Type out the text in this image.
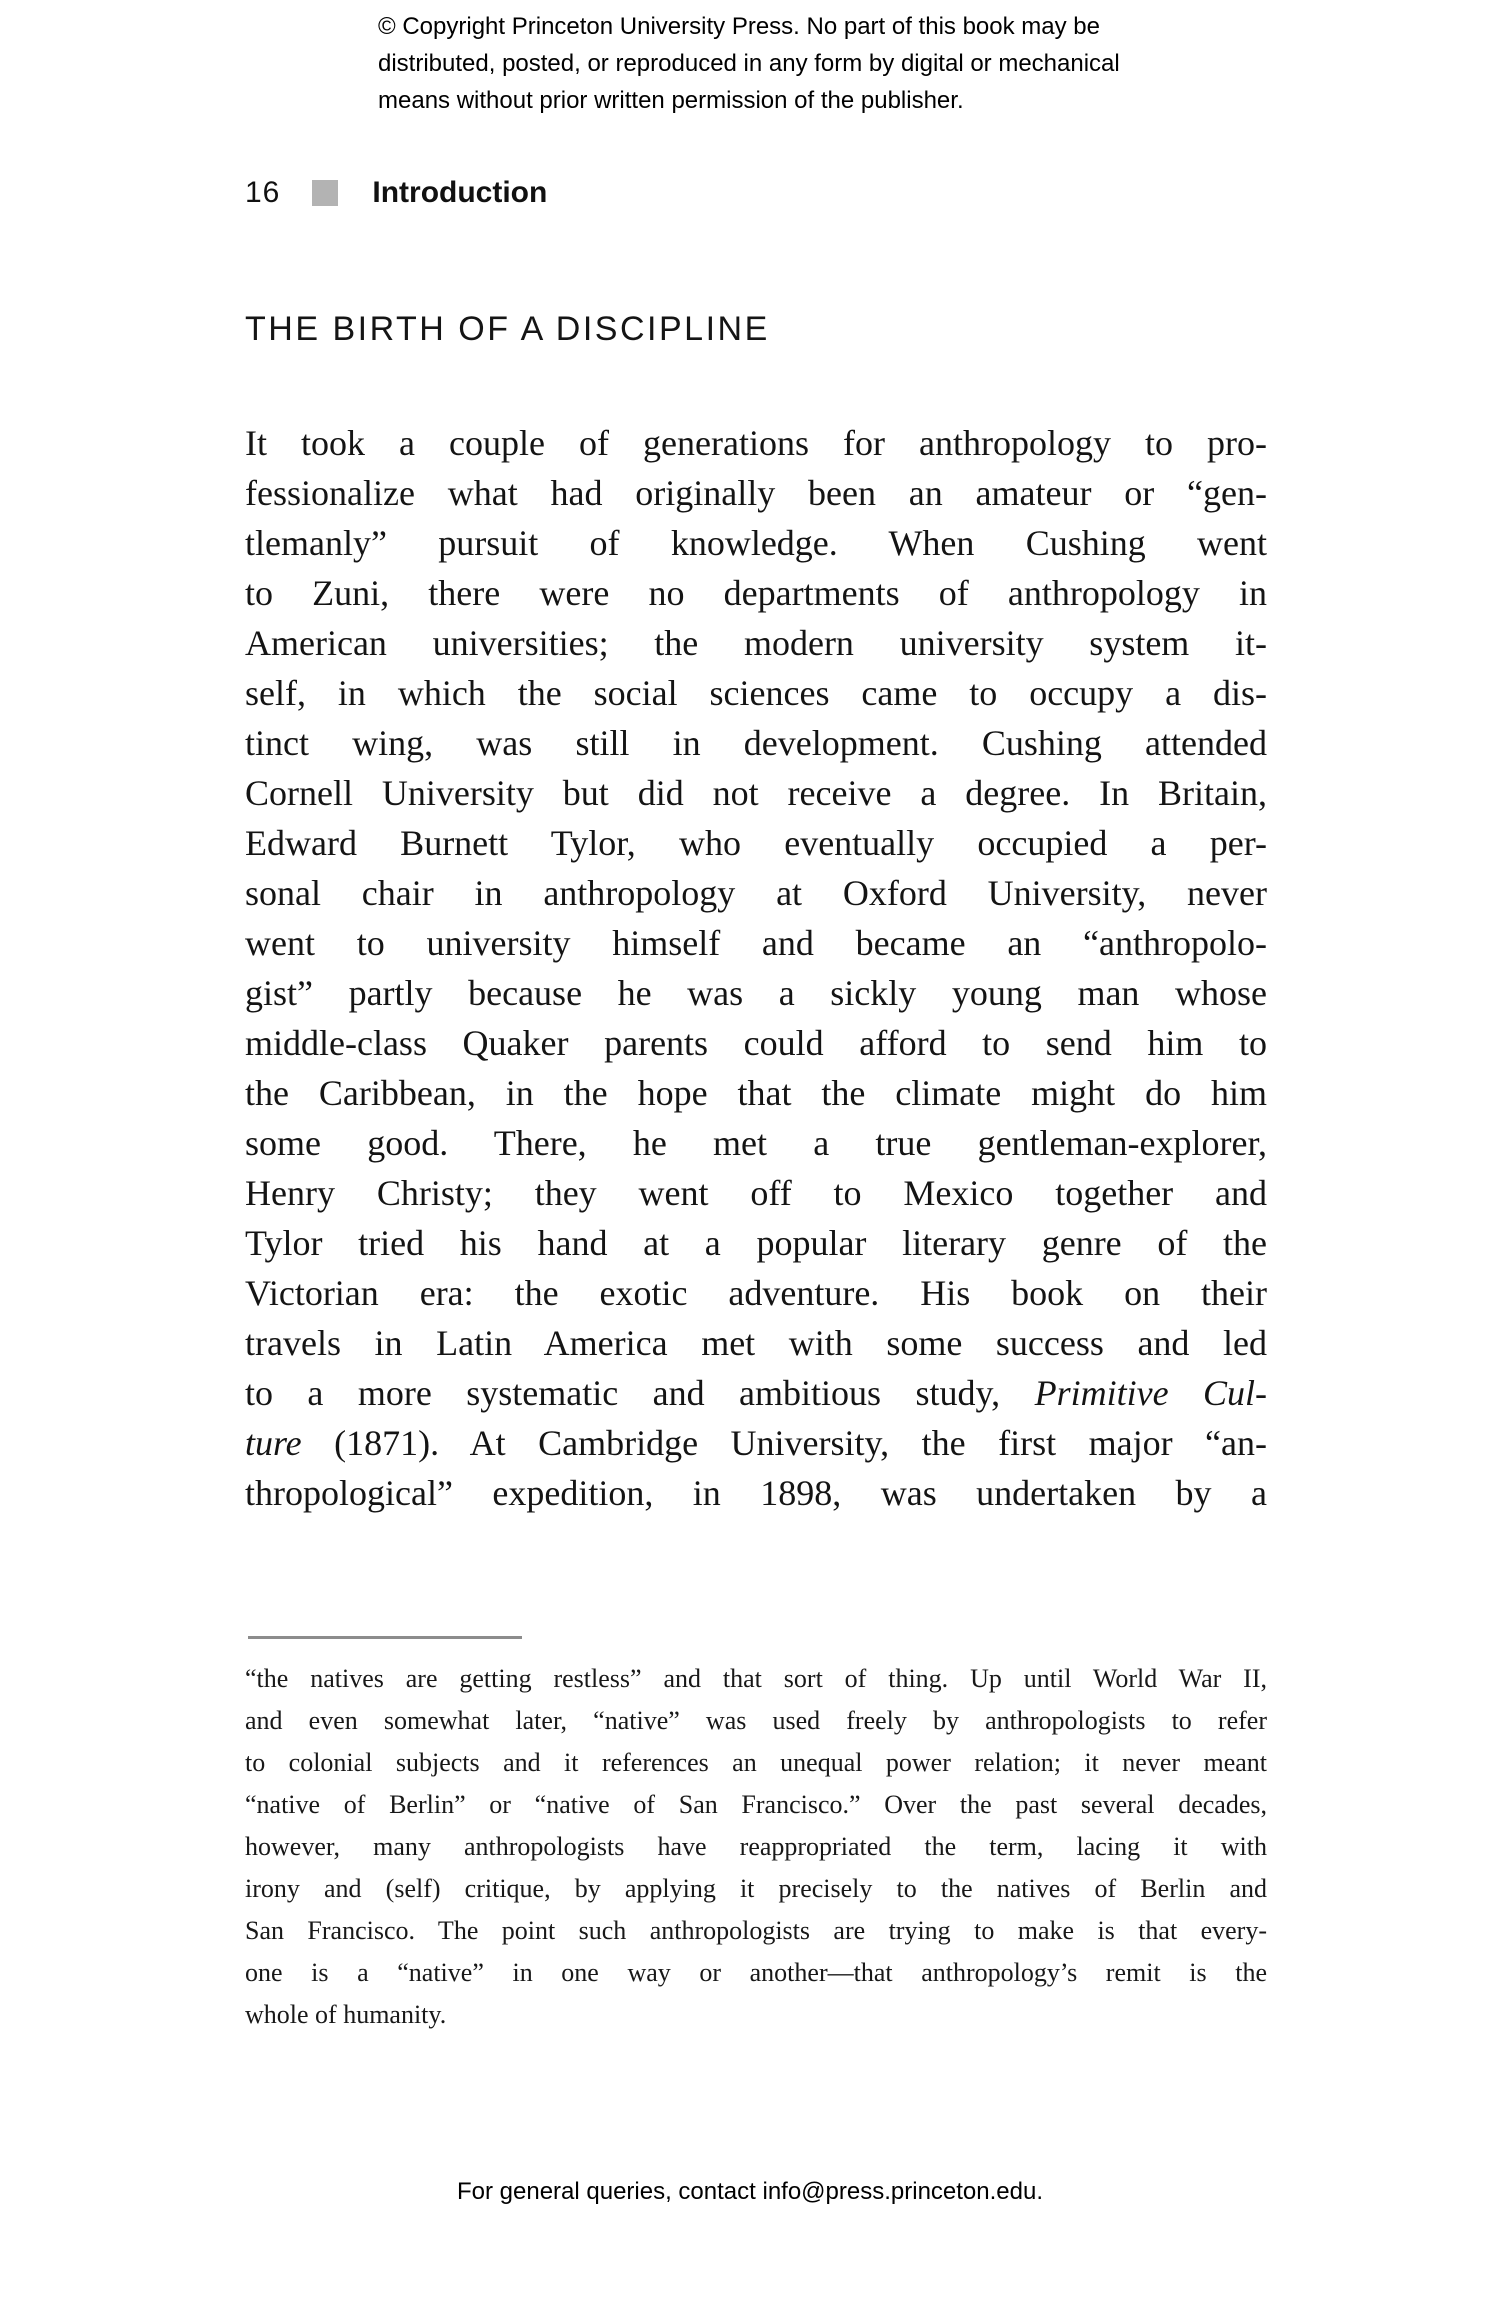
© Copyright Princeton University Press. No part of this book may be
distributed, posted, or reproduced in any form by digital or mechanical
means without prior written permission of the publisher.
16	Introduction
THE BIRTH OF A DISCIPLINE
It took a couple of generations for anthropology to pro-
fessionalize what had originally been an amateur or “gen-
tlemanly” pursuit of knowledge. When Cushing went
to Zuni, there were no departments of anthropology in
American universities; the modern university system it-
self, in which the social sciences came to occupy a dis-
tinct wing, was still in development. Cushing attended
Cornell University but did not receive a degree. In Britain,
Edward Burnett Tylor, who eventually occupied a per-
sonal chair in anthropology at Oxford University, never
went to university himself and became an “anthropolo-
gist” partly because he was a sickly young man whose
middle-class Quaker parents could afford to send him to
the Caribbean, in the hope that the climate might do him
some good. There, he met a true gentleman-explorer,
Henry Christy; they went off to Mexico together and
Tylor tried his hand at a popular literary genre of the
Victorian era: the exotic adventure. His book on their
travels in Latin America met with some success and led
to a more systematic and ambitious study, Primitive Cul-
ture (1871). At Cambridge University, the first major “an-
thropological” expedition, in 1898, was undertaken by a
“the natives are getting restless” and that sort of thing. Up until World War II,
and even somewhat later, “native” was used freely by anthropologists to refer
to colonial subjects and it references an unequal power relation; it never meant
“native of Berlin” or “native of San Francisco.” Over the past several decades,
however, many anthropologists have reappropriated the term, lacing it with
irony and (self) critique, by applying it precisely to the natives of Berlin and
San Francisco. The point such anthropologists are trying to make is that every-
one is a “native” in one way or another—that anthropology’s remit is the
whole of humanity.
For general queries, contact info@press.princeton.edu.
